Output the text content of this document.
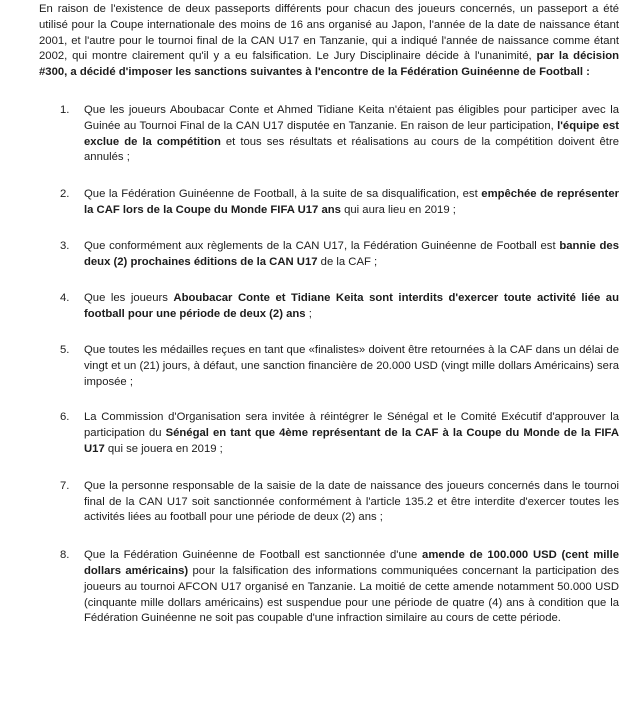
En raison de l'existence de deux passeports différents pour chacun des joueurs concernés, un passeport a été utilisé pour la Coupe internationale des moins de 16 ans organisé au Japon, l'année de la date de naissance étant 2001, et l'autre pour le tournoi final de la CAN U17 en Tanzanie, qui a indiqué l'année de naissance comme étant 2002, qui montre clairement qu'il y a eu falsification. Le Jury Disciplinaire décide à l'unanimité, par la décision #300, a décidé d'imposer les sanctions suivantes à l'encontre de la Fédération Guinéenne de Football :

1. Que les joueurs Aboubacar Conte et Ahmed Tidiane Keita n'étaient pas éligibles pour participer avec la Guinée au Tournoi Final de la CAN U17 disputée en Tanzanie. En raison de leur participation, l'équipe est exclue de la compétition et tous ses résultats et réalisations au cours de la compétition doivent être annulés ;
2. Que la Fédération Guinéenne de Football, à la suite de sa disqualification, est empêchée de représenter la CAF lors de la Coupe du Monde FIFA U17 ans qui aura lieu en 2019 ;
3. Que conformément aux règlements de la CAN U17, la Fédération Guinéenne de Football est bannie des deux (2) prochaines éditions de la CAN U17 de la CAF ;
4. Que les joueurs Aboubacar Conte et Tidiane Keita sont interdits d'exercer toute activité liée au football pour une période de deux (2) ans ;
5. Que toutes les médailles reçues en tant que «finalistes» doivent être retournées à la CAF dans un délai de vingt et un (21) jours, à défaut, une sanction financière de 20.000 USD (vingt mille dollars Américains) sera imposée ;
6. La Commission d'Organisation sera invitée à réintégrer le Sénégal et le Comité Exécutif d'approuver la participation du Sénégal en tant que 4ème représentant de la CAF à la Coupe du Monde de la FIFA U17 qui se jouera en 2019 ;
7. Que la personne responsable de la saisie de la date de naissance des joueurs concernés dans le tournoi final de la CAN U17 soit sanctionnée conformément à l'article 135.2 et être interdite d'exercer toutes les activités liées au football pour une période de deux (2) ans ;
8. Que la Fédération Guinéenne de Football est sanctionnée d'une amende de 100.000 USD (cent mille dollars américains) pour la falsification des informations communiquées concernant la participation des joueurs au tournoi AFCON U17 organisé en Tanzanie. La moitié de cette amende notamment 50.000 USD (cinquante mille dollars américains) est suspendue pour une période de quatre (4) ans à condition que la Fédération Guinéenne ne soit pas coupable d'une infraction similaire au cours de cette période.
